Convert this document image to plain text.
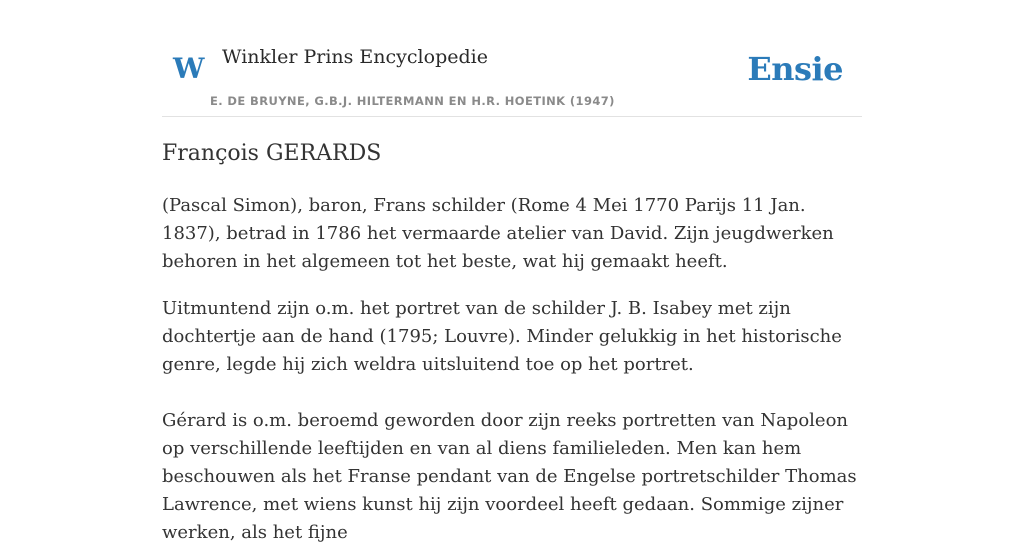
W Winkler Prins Encyclopedie
E. DE BRUYNE, G.B.J. HILTERMANN EN H.R. HOETINK (1947)
Ensie
François GERARDS

(Pascal Simon), baron, Frans schilder (Rome 4 Mei 1770 Parijs 11 Jan. 1837), betrad in 1786 het vermaarde atelier van David. Zijn jeugdwerken behoren in het algemeen tot het beste, wat hij gemaakt heeft.

Uitmuntend zijn o.m. het portret van de schilder J. B. Isabey met zijn dochtertje aan de hand (1795; Louvre). Minder gelukkig in het historische genre, legde hij zich weldra uitsluitend toe op het portret.

Gérard is o.m. beroemd geworden door zijn reeks portretten van Napoleon op verschillende leeftijden en van al diens familieleden. Men kan hem beschouwen als het Franse pendant van de Engelse portretschilder Thomas Lawrence, met wiens kunst hij zijn voordeel heeft gedaan. Sommige zijner werken, als het fijne
